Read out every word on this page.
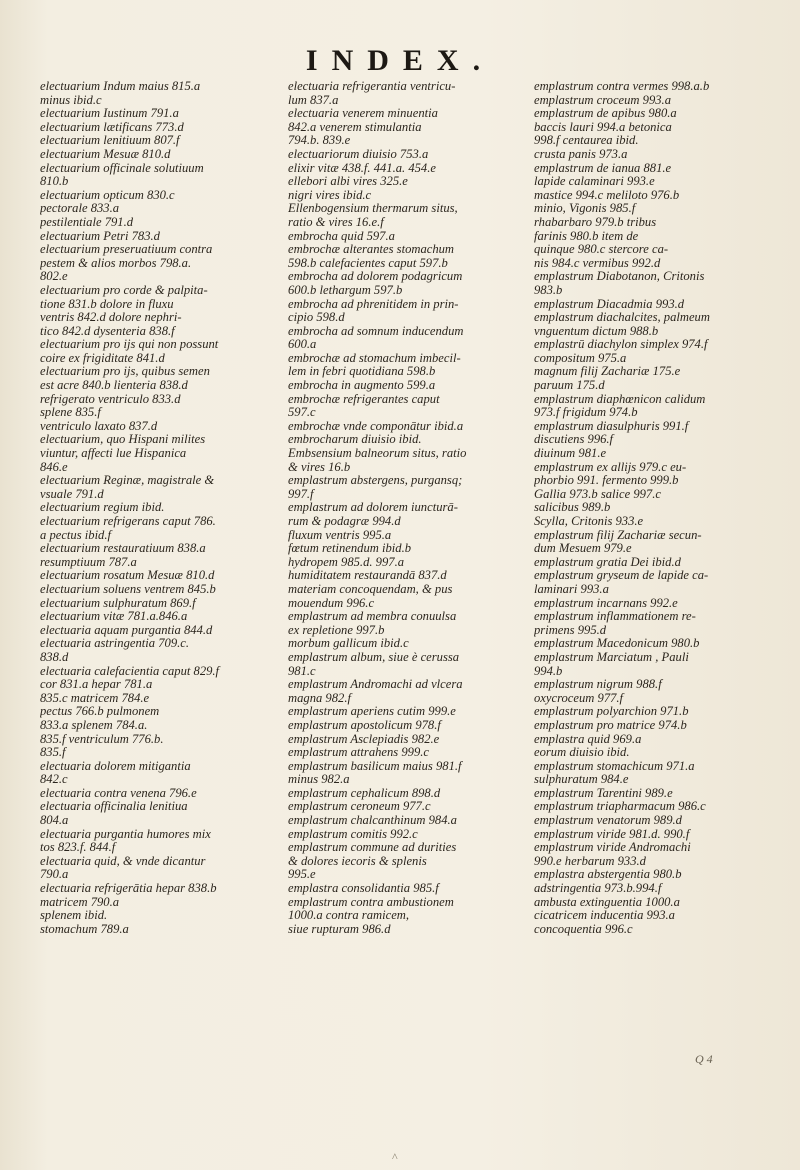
INDEX.
electuarium Indum maius 815.a
minus ibid.c
electuarium Iustinum 791.a
electuarium lætificans 773.d
electuarium lenitiuum 807.f
electuarium Mesuæ 810.d
electuarium officinale solutiuum
810.b
electuarium opticum 830.c
pectorale 833.a
pestilentiale 791.d
electuarium Petri 783.d
electuarium preseruatiuum contra
pestem & alios morbos 798.a.
802.e
electuarium pro corde & palpita-
tione 831.b dolore in fluxu
ventris 842.d dolore nephri-
tico 842.d dysenteria 838.f
electuarium pro ijs qui non possunt
coire ex frigiditate 841.d
electuarium pro ijs, quibus semen
est acre 840.b lienteria 838.d
refrigerato ventriculo 833.d
splene 835.f
ventriculo laxato 837.d
electuarium, quo Hispani milites
viuntur, affecti lue Hispanica
846.e
electuarium Reginæ, magistrale &
vsuale 791.d
electuarium regium ibid.
electuarium refrigerans caput 786.
a pectus ibid.f
electuarium restauratiuum 838.a
resumptiuum 787.a
electuarium rosatum Mesuæ 810.d
electuarium soluens ventrem 845.b
electuarium sulphuratum 869.f
electuarium vitæ 781.a.846.a
electuaria aquam purgantia 844.d
electuaria astringentia 709.c.
838.d
electuaria calefacientia caput 829.f
cor 831.a hepar 781.a
835.c matricem 784.e
pectus 766.b pulmonem
833.a splenem 784.a.
835.f ventriculum 776.b.
835.f
electuaria dolorem mitigantia
842.c
electuaria contra venena 796.e
electuaria officinalia lenitiua
804.a
electuaria purgantia humores mix
tos 823.f. 844.f
electuaria quid, & vnde dicantur
790.a
electuaria refrigerātia hepar 838.b
matricem 790.a
splenem ibid.
stomachum 789.a
electuaria refrigerantia ventricu-
lum 837.a
electuaria venerem minuentia
842.a venerem stimulantia
794.b. 839.e
electuariorum diuisio 753.a
elixir vitæ 438.f. 441.a. 454.e
ellebori albi vires 325.e
nigri vires ibid.c
Ellenbogensium thermarum situs,
ratio & vires 16.e.f
embrocha quid 597.a
embrochæ alterantes stomachum
598.b calefacientes caput 597.b
embrocha ad dolorem podagricum
600.b lethargum 597.b
embrocha ad phrenitidem in prin-
cipio 598.d
embrocha ad somnum inducendum
600.a
embrochæ ad stomachum imbecil-
lem in febri quotidiana 598.b
embrocha in augmento 599.a
embrochæ refrigerantes caput
597.c
embrochæ vnde componātur ibid.a
embrocharum diuisio ibid.
Embsensium balneorum situs, ratio
& vires 16.b
emplastrum abstergens, purgansq;
997.f
emplastrum ad dolorem iuncturā-
rum & podagræ 994.d
fluxum ventris 995.a
fœtum retinendum ibid.b
hydropem 985.d. 997.a
humiditatem restaurandā 837.d
materiam concoquendam, & pus
mouendum 996.c
emplastrum ad membra conuulsa
ex repletione 997.b
morbum gallicum ibid.c
emplastrum album, siue è cerussa
981.c
emplastrum Andromachi ad vlcera
magna 982.f
emplastrum aperiens cutim 999.e
emplastrum apostolicum 978.f
emplastrum Asclepiadis 982.e
emplastrum attrahens 999.c
emplastrum basilicum maius 981.f
minus 982.a
emplastrum cephalicum 898.d
emplastrum ceroneum 977.c
emplastrum chalcanthinum 984.a
emplastrum comitis 992.c
emplastrum commune ad durities
& dolores iecoris & splenis
995.e
emplastra consolidantia 985.f
emplastrum contra ambustionem
1000.a contra ramicem,
siue rupturam 986.d
emplastrum contra vermes 998.a.b
emplastrum croceum 993.a
emplastrum de apibus 980.a
baccis lauri 994.a betonica
998.f centaurea ibid.
crusta panis 973.a
emplastrum de ianua 881.e
lapide calaminari 993.e
mastice 994.c meliloto 976.b
minio, Vigonis 985.f
rhabarbaro 979.b tribus
farinis 980.b item de
quinque 980.c stercore ca-
nis 984.c vermibus 992.d
emplastrum Diabotanon, Critonis
983.b
emplastrum Diacadmia 993.d
emplastrum diachalcites, palmeum
vnguentum dictum 988.b
emplastrū diachylon simplex 974.f
compositum 975.a
magnum filij Zachariæ 175.e
paruum 175.d
emplastrum diaphœnicon calidum
973.f frigidum 974.b
emplastrum diasulphuris 991.f
discutiens 996.f
diuinum 981.e
emplastrum ex allijs 979.c eu-
phorbio 991. fermento 999.b
Gallia 973.b salice 997.c
salicibus 989.b
Scylla, Critonis 933.e
emplastrum filij Zachariæ secun-
dum Mesuem 979.e
emplastrum gratia Dei ibid.d
emplastrum gryseum de lapide ca-
laminari 993.a
emplastrum incarnans 992.e
emplastrum inflammationem re-
primens 995.d
emplastrum Macedonicum 980.b
emplastrum Marciatum , Pauli
994.b
emplastrum nigrum 988.f
oxycroceum 977.f
emplastrum polyarchion 971.b
emplastrum pro matrice 974.b
emplastra quid 969.a
eorum diuisio ibid.
emplastrum stomachicum 971.a
sulphuratum 984.e
emplastrum Tarentini 989.e
emplastrum triapharmacum 986.c
emplastrum venatorum 989.d
emplastrum viride 981.d. 990.f
emplastrum viride Andromachi
990.e herbarum 933.d
emplastra abstergentia 980.b
adstringentia 973.b.994.f
ambusta extinguentia 1000.a
cicatricem inducentia 993.a
concoquentia 996.c
Q 4
^
